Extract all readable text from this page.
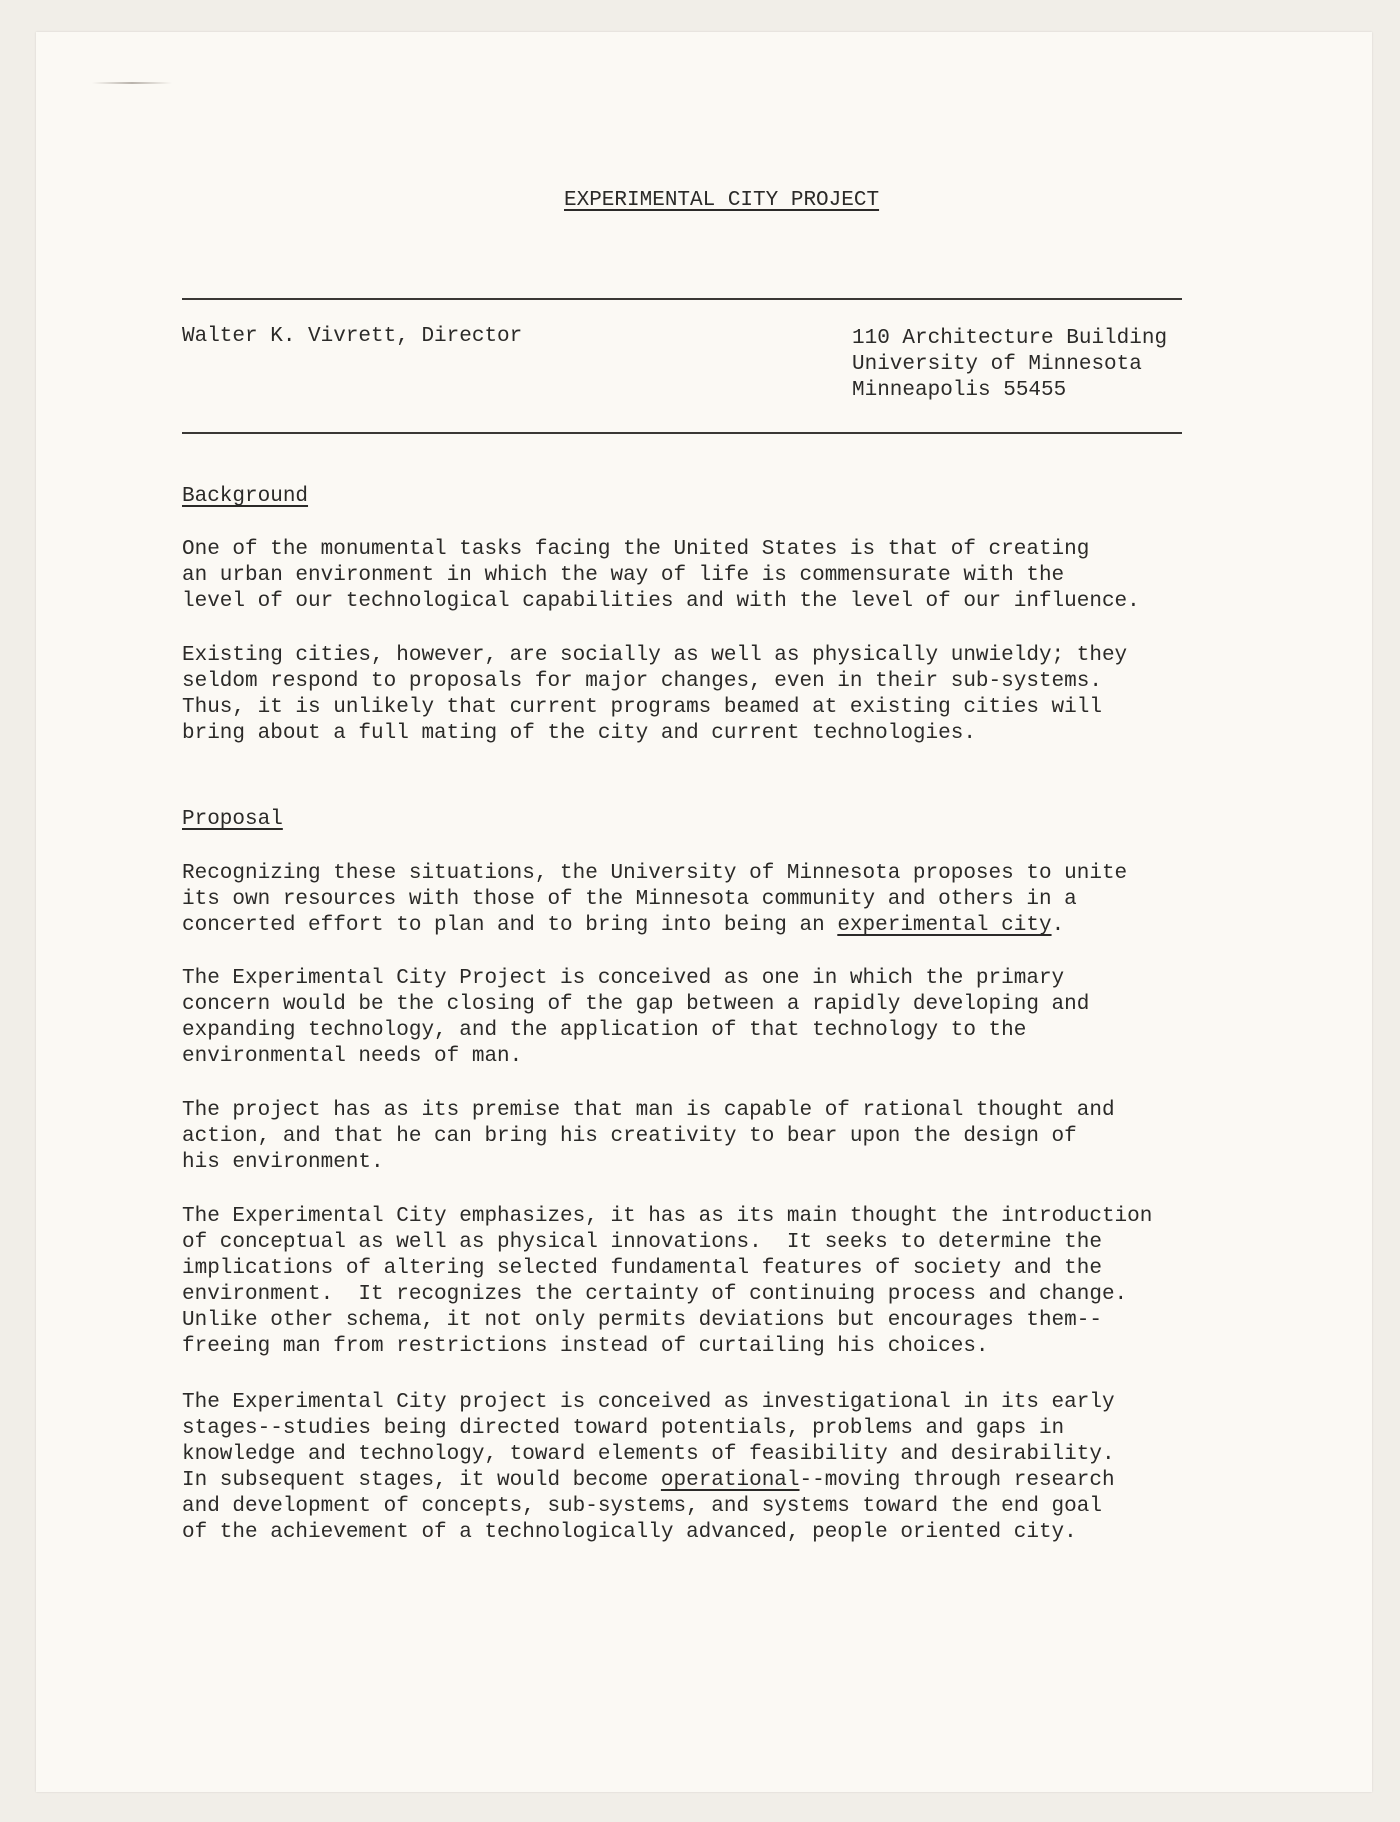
EXPERIMENTAL CITY PROJECT
Walter K. Vivrett, Director	110 Architecture Building
University of Minnesota
Minneapolis 55455
Background
One of the monumental tasks facing the United States is that of creating
an urban environment in which the way of life is commensurate with the
level of our technological capabilities and with the level of our influence.
Existing cities, however, are socially as well as physically unwieldy; they
seldom respond to proposals for major changes, even in their sub-systems.
Thus, it is unlikely that current programs beamed at existing cities will
bring about a full mating of the city and current technologies.
Proposal
Recognizing these situations, the University of Minnesota proposes to unite
its own resources with those of the Minnesota community and others in a
concerted effort to plan and to bring into being an experimental city.
The Experimental City Project is conceived as one in which the primary
concern would be the closing of the gap between a rapidly developing and
expanding technology, and the application of that technology to the
environmental needs of man.
The project has as its premise that man is capable of rational thought and
action, and that he can bring his creativity to bear upon the design of
his environment.
The Experimental City emphasizes, it has as its main thought the introduction
of conceptual as well as physical innovations.  It seeks to determine the
implications of altering selected fundamental features of society and the
environment.  It recognizes the certainty of continuing process and change.
Unlike other schema, it not only permits deviations but encourages them--
freeing man from restrictions instead of curtailing his choices.
The Experimental City project is conceived as investigational in its early
stages--studies being directed toward potentials, problems and gaps in
knowledge and technology, toward elements of feasibility and desirability.
In subsequent stages, it would become operational--moving through research
and development of concepts, sub-systems, and systems toward the end goal
of the achievement of a technologically advanced, people oriented city.
